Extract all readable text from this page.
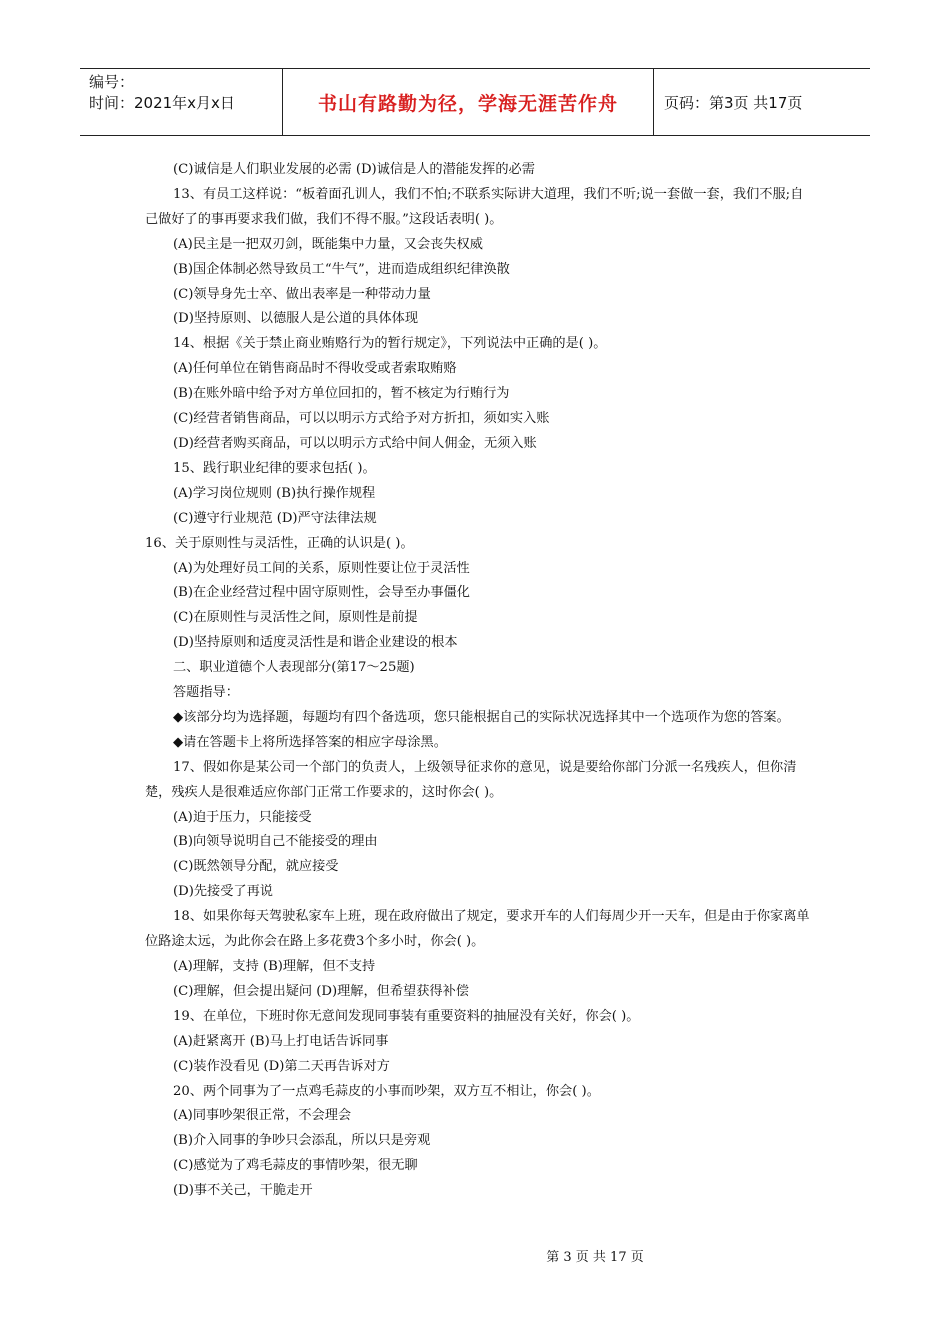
编号：
时间：2021年x月x日	书山有路勤为径，学海无涯苦作舟	页码：第3页 共17页

(C)诚信是人们职业发展的必需 (D)诚信是人的潜能发挥的必需

13、有员工这样说：“板着面孔训人，我们不怕;不联系实际讲大道理，我们不听;说一套做一套，我们不服;自己做好了的事再要求我们做，我们不得不服。”这段话表明( )。

(A)民主是一把双刃剑，既能集中力量，又会丧失权威

(B)国企体制必然导致员工“牛气”，进而造成组织纪律涣散

(C)领导身先士卒、做出表率是一种带动力量

(D)坚持原则、以德服人是公道的具体体现

14、根据《关于禁止商业贿赂行为的暂行规定》，下列说法中正确的是( )。

(A)任何单位在销售商品时不得收受或者索取贿赂

(B)在账外暗中给予对方单位回扣的，暂不核定为行贿行为

(C)经营者销售商品，可以以明示方式给予对方折扣，须如实入账

(D)经营者购买商品，可以以明示方式给中间人佣金，无须入账

15、践行职业纪律的要求包括( )。

(A)学习岗位规则 (B)执行操作规程

(C)遵守行业规范 (D)严守法律法规

16、关于原则性与灵活性，正确的认识是( )。

(A)为处理好员工间的关系，原则性要让位于灵活性

(B)在企业经营过程中固守原则性，会导至办事僵化

(C)在原则性与灵活性之间，原则性是前提

(D)坚持原则和适度灵活性是和谐企业建设的根本

二、职业道德个人表现部分(第17～25题)

答题指导：

◆该部分均为选择题，每题均有四个备选项，您只能根据自己的实际状况选择其中一个选项作为您的答案。

◆请在答题卡上将所选择答案的相应字母涂黑。

17、假如你是某公司一个部门的负责人，上级领导征求你的意见，说是要给你部门分派一名残疾人，但你清楚，残疾人是很难适应你部门正常工作要求的，这时你会( )。

(A)迫于压力，只能接受

(B)向领导说明自己不能接受的理由

(C)既然领导分配，就应接受

(D)先接受了再说

18、如果你每天驾驶私家车上班，现在政府做出了规定，要求开车的人们每周少开一天车，但是由于你家离单位路途太远，为此你会在路上多花费3个多小时，你会( )。

(A)理解，支持 (B)理解，但不支持

(C)理解，但会提出疑问 (D)理解，但希望获得补偿

19、在单位，下班时你无意间发现同事装有重要资料的抽屉没有关好，你会( )。

(A)赶紧离开 (B)马上打电话告诉同事

(C)装作没看见 (D)第二天再告诉对方

20、两个同事为了一点鸡毛蒜皮的小事而吵架，双方互不相让，你会( )。

(A)同事吵架很正常，不会理会

(B)介入同事的争吵只会添乱，所以只是旁观

(C)感觉为了鸡毛蒜皮的事情吵架，很无聊

(D)事不关己，干脆走开

第 3 页 共 17 页
